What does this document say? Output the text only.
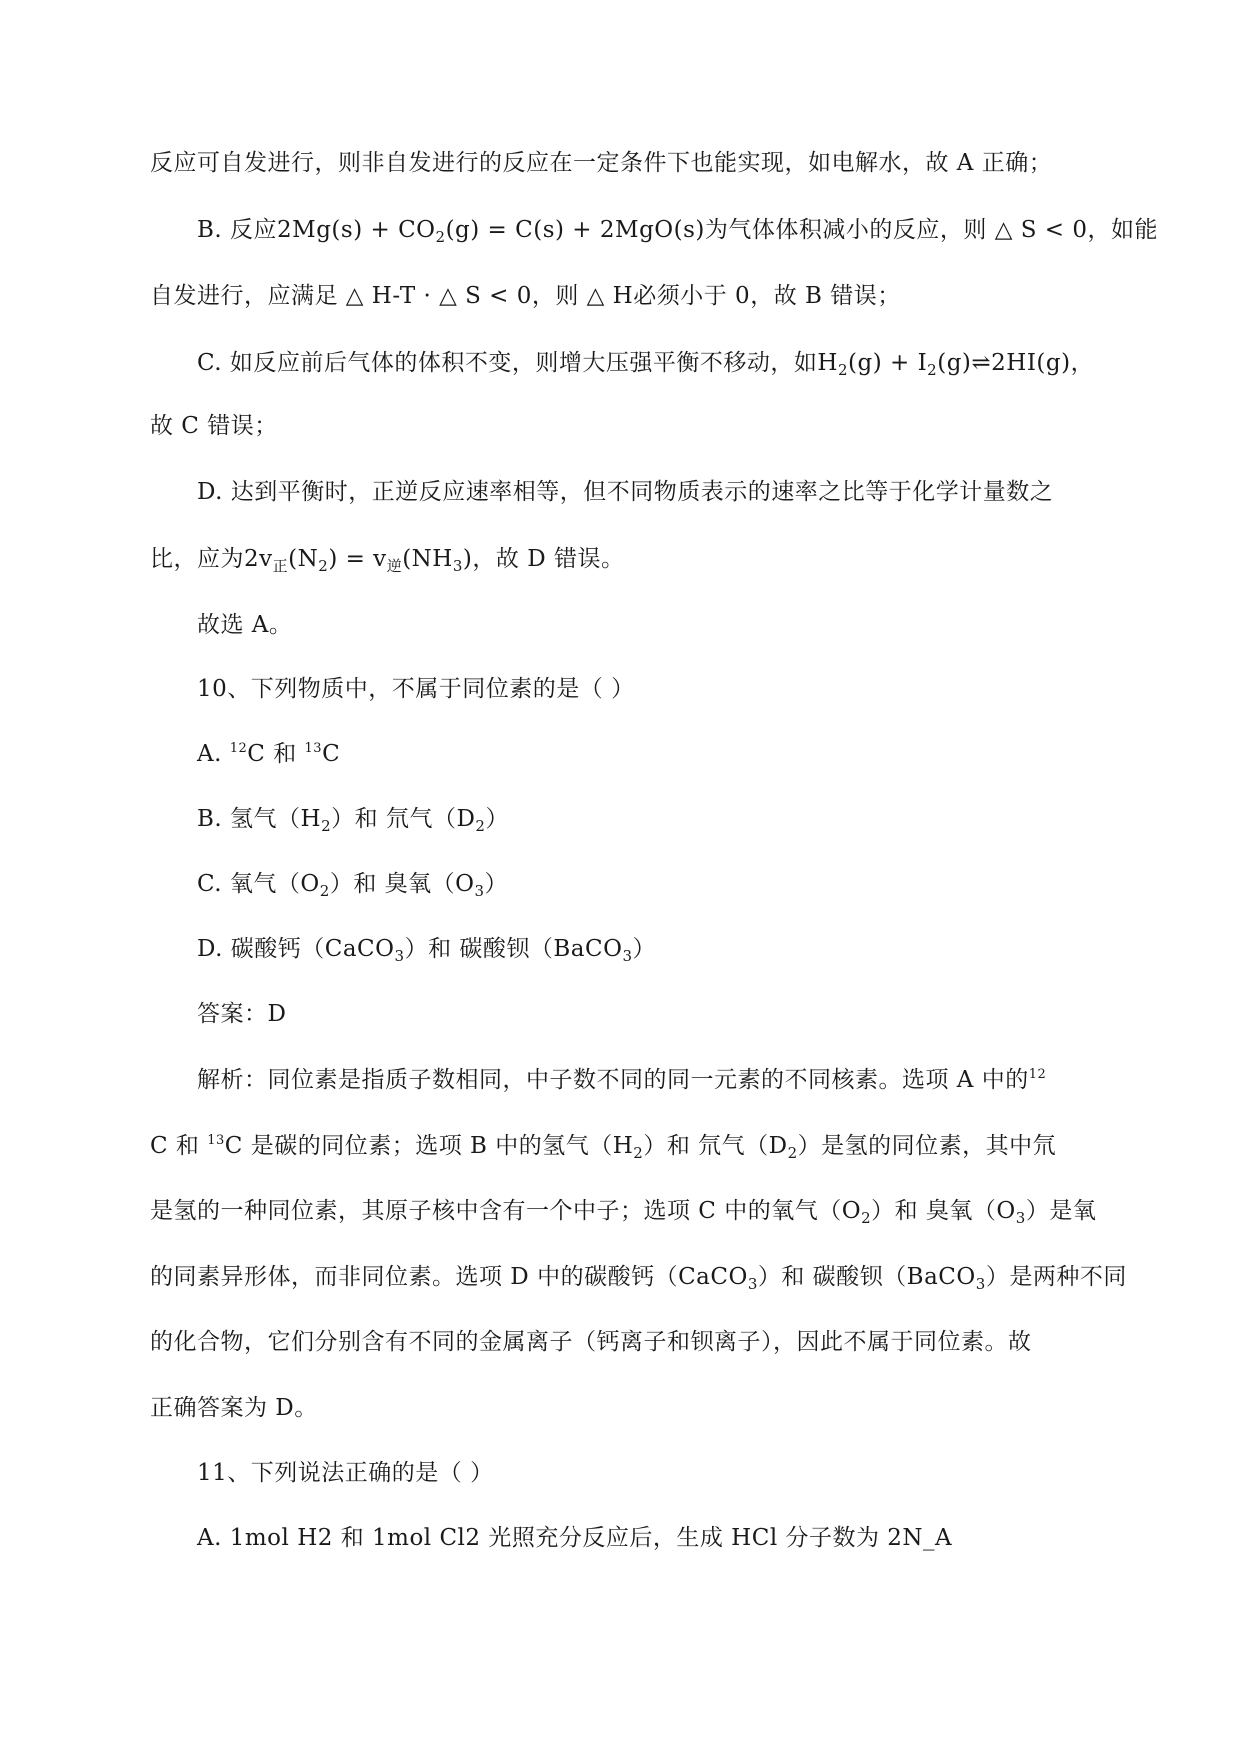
反应可自发进行，则非自发进行的反应在一定条件下也能实现，如电解水，故 A 正确；
B. 反应$2Mg(s) + CO_2(g) = C(s) + 2MgO(s)$为气体体积减小的反应，则 △ S < 0，如能
自发进行，应满足 △ H-T · △ S < 0，则 △ H必须小于 0，故 B 错误；
C. 如反应前后气体的体积不变，则增大压强平衡不移动，如$H_2(g)$ + $I_2(g)\rightleftharpoons 2HI(g)$，
故 C 错误；
D. 达到平衡时，正逆反应速率相等，但不同物质表示的速率之比等于化学计量数之
比，应为$2v_正(N_2) = v_逆(NH_3)$，故 D 错误。
故选 A。
10、下列物质中，不属于同位素的是（ ）
A. $^{12}$C 和 $^{13}$C
B. 氢气$(H_2)$和 氘气$(D_2)$
C. 氧气$(O_2)$和 臭氧$(O_3)$
D. 碳酸钙（CaCO$_3$）和 碳酸钡（BaCO$_3$）
答案：D
解析：同位素是指质子数相同，中子数不同的同一元素的不同核素。选项 A 中的$^{12}$
C 和 $^{13}$C 是碳的同位素；选项 B 中的氢气$(H_2)$和 氘气$(D_2)$是氢的同位素，其中氘
是氢的一种同位素，其原子核中含有一个中子；选项 C 中的氧气$(O_2)$和 臭氧$(O_3)$是氧
的同素异形体，而非同位素。选项 D 中的碳酸钙（CaCO$_3$）和 碳酸钡（BaCO$_3$）是两种不同
的化合物，它们分别含有不同的金属离子（钙离子和钡离子），因此不属于同位素。故
正确答案为 D。
11、下列说法正确的是（ ）
A. 1mol H2 和 1mol Cl2 光照充分反应后，生成 HCl 分子数为 2N_A
